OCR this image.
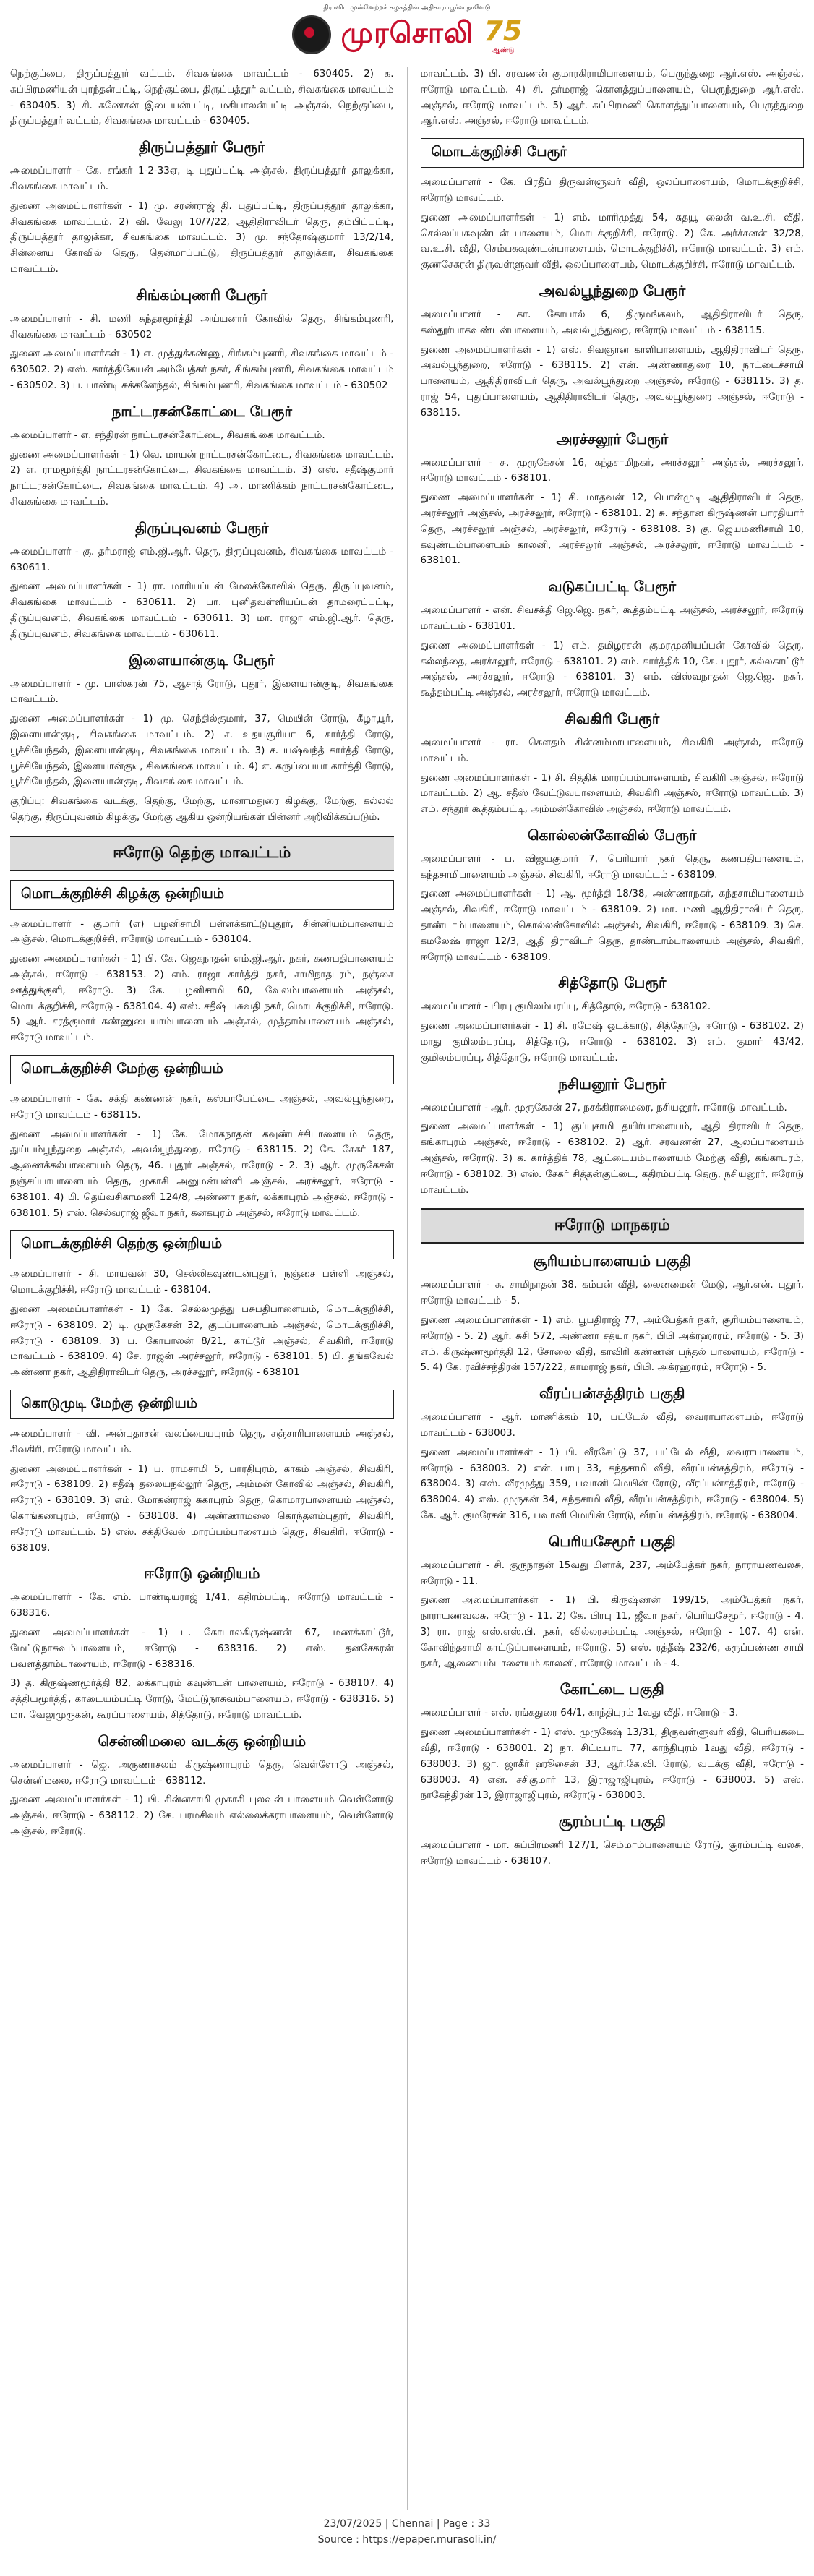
திராவிட முன்னேற்றக் கழகத்தின் அதிகாரப்பூர்வ நாளேடு
முரசொலி 75
ஆண்டு
நெற்குப்பை, திருப்பத்தூர் வட்டம், சிவகங்கை மாவட்டம் - 630405. 2) க. சுப்பிரமணியன் புரந்தன்பட்டி, நெற்குப்பை, திருப்பத்தூர் வட்டம், சிவகங்கை மாவட்டம் - 630405. 3) சி. கணேசன் இடையன்பட்டி, மகிபாலன்பட்டி அஞ்சல், நெற்குப்பை, திருப்பத்தூர் வட்டம், சிவகங்கை மாவட்டம் - 630405.
திருப்பத்தூர் பேரூர்
அமைப்பாளர் - கே. சங்கர் 1-2-33ஏ, டி புதுப்பட்டி அஞ்சல், திருப்பத்தூர் தாலுக்கா, சிவகங்கை மாவட்டம்.
துணை அமைப்பாளர்கள் - 1) மு. சரண்ராஜ் தி. புதுப்பட்டி, திருப்பத்தூர் தாலுக்கா, சிவகங்கை மாவட்டம். 2) வி. வேலு 10/7/22, ஆதிதிராவிடர் தெரு, தம்பிப்பட்டி, திருப்பத்தூர் தாலுக்கா, சிவகங்கை மாவட்டம். 3) மு. சந்தோஷ்குமார் 13/2/14, சின்னைய கோவில் தெரு, தென்மாப்பட்டு, திருப்பத்தூர் தாலுக்கா, சிவகங்கை மாவட்டம்.
சிங்கம்புணரி பேரூர்
அமைப்பாளர் - சி. மணி சுந்தரமூர்த்தி அய்யனார் கோவில் தெரு, சிங்கம்புணரி, சிவகங்கை மாவட்டம் - 630502
துணை அமைப்பாளர்கள் - 1) எ. முத்துக்கண்ணு, சிங்கம்புணரி, சிவகங்கை மாவட்டம் - 630502. 2) எஸ். கார்த்திகேயன் அம்பேத்கர் நகர், சிங்கம்புணரி, சிவகங்கை மாவட்டம் - 630502. 3) ப. பாண்டி சுக்கனேந்தல், சிங்கம்புணரி, சிவகங்கை மாவட்டம் - 630502
நாட்டரசன்கோட்டை பேரூர்
அமைப்பாளர் - எ. சந்திரன் நாட்டரசன்கோட்டை, சிவகங்கை மாவட்டம்.
துணை அமைப்பாளர்கள் - 1) வெ. மாயன் நாட்டரசன்கோட்டை, சிவகங்கை மாவட்டம். 2) எ. ராமமூர்த்தி நாட்டரசன்கோட்டை, சிவகங்கை மாவட்டம். 3) எஸ். சதீஷ்குமார் நாட்டரசன்கோட்டை, சிவகங்கை மாவட்டம். 4) அ. மாணிக்கம் நாட்டரசன்கோட்டை, சிவகங்கை மாவட்டம்.
திருப்புவனம் பேரூர்
அமைப்பாளர் - கு. தர்மராஜ் எம்.ஜி.ஆர். தெரு, திருப்புவனம், சிவகங்கை மாவட்டம் - 630611.
துணை அமைப்பாளர்கள் - 1) ரா. மாரியப்பன் மேலக்கோவில் தெரு, திருப்புவனம், சிவகங்கை மாவட்டம் - 630611. 2) பா. புனிதவள்ளியப்பன் தாமரைப்பட்டி, திருப்புவனம், சிவகங்கை மாவட்டம் - 630611. 3) மா. ராஜா எம்.ஜி.ஆர். தெரு, திருப்புவனம், சிவகங்கை மாவட்டம் - 630611.
இளையான்குடி பேரூர்
அமைப்பாளர் - மு. பாஸ்கரன் 75, ஆசாத் ரோடு, புதூர், இளையான்குடி, சிவகங்கை மாவட்டம்.
துணை அமைப்பாளர்கள் - 1) மு. செந்தில்குமார், 37, மெயின் ரோடு, கீழாயூர், இளையான்குடி, சிவகங்கை மாவட்டம். 2) ச. உதயசூரியா 6, கார்த்தி ரோடு, பூச்சியேந்தல், இளையான்குடி, சிவகங்கை மாவட்டம். 3) ச. யஷ்வந்த் கார்த்தி ரோடு, பூச்சியேந்தல், இளையான்குடி, சிவகங்கை மாவட்டம். 4) எ. கருப்பையா கார்த்தி ரோடு, பூச்சியேந்தல், இளையான்குடி, சிவகங்கை மாவட்டம்.
குறிப்பு: சிவகங்கை வடக்கு, தெற்கு, மேற்கு, மானாமதுரை கிழக்கு, மேற்கு, கல்லல் தெற்கு, திருப்புவனம் கிழக்கு, மேற்கு ஆகிய ஒன்றியங்கள் பின்னர் அறிவிக்கப்படும்.
ஈரோடு தெற்கு மாவட்டம்
மொடக்குறிச்சி கிழக்கு ஒன்றியம்
அமைப்பாளர் - குமார் (எ) பழனிசாமி பள்ளக்காட்டுபுதூர், சின்னியம்பாளையம் அஞ்சல், மொடக்குறிச்சி, ஈரோடு மாவட்டம் - 638104.
துணை அமைப்பாளர்கள் - 1) பி. கே. ஜெகநாதன் எம்.ஜி.ஆர். நகர், கணபதிபாளையம் அஞ்சல், ஈரோடு - 638153. 2) எம். ராஜா கார்த்தி நகர், சாமிநாதபுரம், நஞ்சை ஊத்துக்குளி, ஈரோடு. 3) கே. பழனிசாமி 60, வேலம்பாளையம் அஞ்சல், மொடக்குறிச்சி, ஈரோடு - 638104. 4) எஸ். சதீஷ் பசுவதி நகர், மொடக்குறிச்சி, ஈரோடு. 5) ஆர். சரத்குமார் கண்ணுடையாம்பாளையம் அஞ்சல், முத்தாம்பாளையம் அஞ்சல், ஈரோடு மாவட்டம்.
மொடக்குறிச்சி மேற்கு ஒன்றியம்
அமைப்பாளர் - கே. சக்தி கண்ணன் நகர், கஸ்பாபேட்டை அஞ்சல், அவல்பூந்துறை, ஈரோடு மாவட்டம் - 638115.
துணை அமைப்பாளர்கள் - 1) கே. மோகநாதன் கவுண்டச்சிபாளையம் தெரு, துய்யம்பூந்துறை அஞ்சல், அவல்பூந்துறை, ஈரோடு - 638115. 2) கே. சேகர் 187, ஆணைக்கல்பாளையம் தெரு, 46. புதூர் அஞ்சல், ஈரோடு - 2. 3) ஆர். முருகேசன் நஞ்சப்பாபாளையம் தெரு, முகாசி அனுமன்பள்ளி அஞ்சல், அரச்சலூர், ஈரோடு - 638101. 4) பி. தெய்வசிகாமணி 124/8, அண்ணா நகர், லக்காபுரம் அஞ்சல், ஈரோடு - 638101. 5) எஸ். செல்வராஜ் ஜீவா நகர், கனகபுரம் அஞ்சல், ஈரோடு மாவட்டம்.
மொடக்குறிச்சி தெற்கு ஒன்றியம்
அமைப்பாளர் - சி. மாயவன் 30, செல்லிகவுண்டன்புதூர், நஞ்சை பள்ளி அஞ்சல், மொடக்குறிச்சி, ஈரோடு மாவட்டம் - 638104.
துணை அமைப்பாளர்கள் - 1) கே. செல்லமுத்து பசுபதிபாளையம், மொடக்குறிச்சி, ஈரோடு - 638109. 2) டி. முருகேசன் 32, குடப்பாளையம் அஞ்சல், மொடக்குறிச்சி, ஈரோடு - 638109. 3) ப. கோபாலன் 8/21, காட்டூர் அஞ்சல், சிவகிரி, ஈரோடு மாவட்டம் - 638109. 4) சே. ராஜன் அரச்சலூர், ஈரோடு - 638101. 5) பி. தங்கவேல் அண்ணா நகர், ஆதிதிராவிடர் தெரு, அரச்சலூர், ஈரோடு - 638101
கொடுமுடி மேற்கு ஒன்றியம்
அமைப்பாளர் - வி. அன்புதாசன் வலப்பையபுரம் தெரு, சஞ்சாரிபாளையம் அஞ்சல், சிவகிரி, ஈரோடு மாவட்டம்.
துணை அமைப்பாளர்கள் - 1) ப. ராமசாமி 5, பாரதிபுரம், காகம் அஞ்சல், சிவகிரி, ஈரோடு - 638109. 2) சதீஷ் தலையநல்லூர் தெரு, அம்மன் கோவில் அஞ்சல், சிவகிரி, ஈரோடு - 638109. 3) எம். மோகன்ராஜ் சுகாபுரம் தெரு, கொமாரபாளையம் அஞ்சல், கொங்கணபுரம், ஈரோடு - 638108. 4) அண்ணாமலை கொந்தளம்புதூர், சிவகிரி, ஈரோடு மாவட்டம். 5) எஸ். சக்திவேல் மாரப்பம்பாளையம் தெரு, சிவகிரி, ஈரோடு - 638109.
ஈரோடு ஒன்றியம்
அமைப்பாளர் - கே. எம். பாண்டியராஜ் 1/41, கதிரம்பட்டி, ஈரோடு மாவட்டம் - 638316.
துணை அமைப்பாளர்கள் - 1) ப. கோபாலகிருஷ்ணன் 67, மணக்காட்டூர், மேட்டுநாசுவம்பாளையம், ஈரோடு - 638316. 2) எஸ். தனசேகரன் பவளத்தாம்பாளையம், ஈரோடு - 638316.
3) த. கிருஷ்ணமூர்த்தி 82, லக்காபுரம் கவுண்டன் பாளையம், ஈரோடு - 638107. 4) சத்தியமூர்த்தி, காடையம்பட்டி ரோடு, மேட்டுநாசுவம்பாளையம், ஈரோடு - 638316. 5) மா. வேலுமுருகன், கூரப்பாளையம், சித்தோடு, ஈரோடு மாவட்டம்.
சென்னிமலை வடக்கு ஒன்றியம்
அமைப்பாளர் - ஜெ. அருணாசலம் கிருஷ்ணாபுரம் தெரு, வெள்ளோடு அஞ்சல், சென்னிமலை, ஈரோடு மாவட்டம் - 638112.
துணை அமைப்பாளர்கள் - 1) பி. சின்னசாமி முகாசி புலவன் பாளையம் வெள்ளோடு அஞ்சல், ஈரோடு - 638112. 2) கே. பரமசிவம் எல்லைக்கராபாளையம், வெள்ளோடு அஞ்சல், ஈரோடு.
மாவட்டம். 3) பி. சரவணன் குமாரகிராமிபாளையம், பெருந்துறை ஆர்.எஸ். அஞ்சல், ஈரோடு மாவட்டம். 4) சி. தர்மராஜ் கொளத்துப்பாளையம், பெருந்துறை ஆர்.எஸ். அஞ்சல், ஈரோடு மாவட்டம். 5) ஆர். சுப்பிரமணி கொளத்துப்பாளையம், பெருந்துறை ஆர்.எஸ். அஞ்சல், ஈரோடு மாவட்டம்.
மொடக்குறிச்சி பேரூர்
அமைப்பாளர் - கே. பிரதீப் திருவள்ளுவர் வீதி, ஒலப்பாளையம், மொடக்குறிச்சி, ஈரோடு மாவட்டம்.
துணை அமைப்பாளர்கள் - 1) எம். மாரிமுத்து 54, சுதயூ லைன் வ.உ.சி. வீதி, செல்லப்பகவுண்டன் பாளையம், மொடக்குறிச்சி, ஈரோடு. 2) கே. அர்ச்சனன் 32/28, வ.உ.சி. வீதி, செம்பகவுண்டன்பாளையம், மொடக்குறிச்சி, ஈரோடு மாவட்டம். 3) எம். குணசேகரன் திருவள்ளுவர் வீதி, ஒலப்பாளையம், மொடக்குறிச்சி, ஈரோடு மாவட்டம்.
அவல்பூந்துறை பேரூர்
அமைப்பாளர் - கா. கோபால் 6, திருமங்கலம், ஆதிதிராவிடர் தெரு, கஸ்தூர்பாகவுண்டன்பாளையம், அவல்பூந்துறை, ஈரோடு மாவட்டம் - 638115.
துணை அமைப்பாளர்கள் - 1) எஸ். சிவஞான காளிபாளையம், ஆதிதிராவிடர் தெரு, அவல்பூந்துறை, ஈரோடு - 638115. 2) என். அண்ணாதுரை 10, நாட்டைச்சாமி பாளையம், ஆதிதிராவிடர் தெரு, அவல்பூந்துறை அஞ்சல், ஈரோடு - 638115. 3) த. ராஜ் 54, புதுப்பாளையம், ஆதிதிராவிடர் தெரு, அவல்பூந்துறை அஞ்சல், ஈரோடு - 638115.
அரச்சலூர் பேரூர்
அமைப்பாளர் - சு. முருகேசன் 16, கந்தசாமிநகர், அரச்சலூர் அஞ்சல், அரச்சலூர், ஈரோடு மாவட்டம் - 638101.
துணை அமைப்பாளர்கள் - 1) சி. மாதவன் 12, பொன்முடி ஆதிதிராவிடர் தெரு, அரச்சலூர் அஞ்சல், அரச்சலூர், ஈரோடு - 638101. 2) சு. சந்தான கிருஷ்ணன் பாரதியார் தெரு, அரச்சலூர் அஞ்சல், அரச்சலூர், ஈரோடு - 638108. 3) கு. ஜெயமணிசாமி 10, கவுண்டம்பாளையம் காலனி, அரச்சலூர் அஞ்சல், அரச்சலூர், ஈரோடு மாவட்டம் - 638101.
வடுகப்பட்டி பேரூர்
அமைப்பாளர் - என். சிவசக்தி ஜெ.ஜெ. நகர், கூத்தம்பட்டி அஞ்சல், அரச்சலூர், ஈரோடு மாவட்டம் - 638101.
துணை அமைப்பாளர்கள் - 1) எம். தமிழரசன் குமரமுனியப்பன் கோவில் தெரு, கல்லந்தை, அரச்சலூர், ஈரோடு - 638101. 2) எம். கார்த்திக் 10, கே. புதூர், கல்லகாட்டூர் அஞ்சல், அரச்சலூர், ஈரோடு - 638101. 3) எம். விஸ்வநாதன் ஜெ.ஜெ. நகர், கூத்தம்பட்டி அஞ்சல், அரச்சலூர், ஈரோடு மாவட்டம்.
சிவகிரி பேரூர்
அமைப்பாளர் - ரா. கௌதம் சின்னம்மாபாளையம், சிவகிரி அஞ்சல், ஈரோடு மாவட்டம்.
துணை அமைப்பாளர்கள் - 1) சி. சித்திக் மாரப்பம்பாளையம், சிவகிரி அஞ்சல், ஈரோடு மாவட்டம். 2) ஆ. சதீஸ் வேட்டுவபாளையம், சிவகிரி அஞ்சல், ஈரோடு மாவட்டம். 3) எம். சந்தூர் கூத்தம்பட்டி, அம்மன்கோவில் அஞ்சல், ஈரோடு மாவட்டம்.
கொல்லன்கோவில் பேரூர்
அமைப்பாளர் - ப. விஜயகுமார் 7, பெரியார் நகர் தெரு, கணபதிபாளையம், கந்தசாமிபாளையம் அஞ்சல், சிவகிரி, ஈரோடு மாவட்டம் - 638109.
துணை அமைப்பாளர்கள் - 1) ஆ. மூர்த்தி 18/38, அண்ணாநகர், கந்தசாமிபாளையம் அஞ்சல், சிவகிரி, ஈரோடு மாவட்டம் - 638109. 2) மா. மணி ஆதிதிராவிடர் தெரு, தாண்டாம்பாளையம், கொல்லன்கோவில் அஞ்சல், சிவகிரி, ஈரோடு - 638109. 3) செ. கமலேஷ் ராஜா 12/3, ஆதி திராவிடர் தெரு, தாண்டாம்பாளையம் அஞ்சல், சிவகிரி, ஈரோடு மாவட்டம் - 638109.
சித்தோடு பேரூர்
அமைப்பாளர் - பிரபு குமிலம்பரப்பு, சித்தோடு, ஈரோடு - 638102.
துணை அமைப்பாளர்கள் - 1) சி. ரமேஷ் ஓடக்காடு, சித்தோடு, ஈரோடு - 638102. 2) மாது குமிலம்பரப்பு, சித்தோடு, ஈரோடு - 638102. 3) எம். குமார் 43/42, குமிலம்பரப்பு, சித்தோடு, ஈரோடு மாவட்டம்.
நசியனூர் பேரூர்
அமைப்பாளர் - ஆர். முருகேசன் 27, நசக்கிராமைரை, நசியனூர், ஈரோடு மாவட்டம்.
துணை அமைப்பாளர்கள் - 1) குப்புசாமி தயிர்பாளையம், ஆதி திராவிடர் தெரு, கங்காபுரம் அஞ்சல், ஈரோடு - 638102. 2) ஆர். சரவணன் 27, ஆலப்பாளையம் அஞ்சல், ஈரோடு. 3) க. கார்த்திக் 78, ஆட்டையம்பாளையம் மேற்கு வீதி, கங்காபுரம், ஈரோடு - 638102. 3) எஸ். சேகர் சித்தன்குட்டை, கதிரம்பட்டி தெரு, நசியனூர், ஈரோடு மாவட்டம்.
ஈரோடு மாநகரம்
சூரியம்பாளையம் பகுதி
அமைப்பாளர் - சு. சாமிநாதன் 38, கம்பன் வீதி, லைனமைன் மேடு, ஆர்.என். புதூர், ஈரோடு மாவட்டம் - 5.
துணை அமைப்பாளர்கள் - 1) எம். பூபதிராஜ் 77, அம்பேத்கர் நகர், சூரியம்பாளையம், ஈரோடு - 5. 2) ஆர். சுசி 572, அண்ணா சத்யா நகர், பிபி அக்ரஹாரம், ஈரோடு - 5. 3) எம். கிருஷ்ணமூர்த்தி 12, சோலை வீதி, காவிரி கண்ணன் பந்தல் பாளையம், ஈரோடு - 5. 4) கே. ரவிச்சந்திரன் 157/222, காமராஜ் நகர், பிபி. அக்ரஹாரம், ஈரோடு - 5.
வீரப்பன்சத்திரம் பகுதி
அமைப்பாளர் - ஆர். மாணிக்கம் 10, பட்டேல் வீதி, வைராபாளையம், ஈரோடு மாவட்டம் - 638003.
துணை அமைப்பாளர்கள் - 1) பி. வீரசேட்டு 37, பட்டேல் வீதி, வைராபாளையம், ஈரோடு - 638003. 2) என். பாபு 33, கந்தசாமி வீதி, வீரப்பன்சத்திரம், ஈரோடு - 638004. 3) எஸ். வீரமுத்து 359, பவானி மெயின் ரோடு, வீரப்பன்சத்திரம், ஈரோடு - 638004. 4) எஸ். முருகன் 34, கந்தசாமி வீதி, வீரப்பன்சத்திரம், ஈரோடு - 638004. 5) கே. ஆர். குமரேசன் 316, பவானி மெயின் ரோடு, வீரப்பன்சத்திரம், ஈரோடு - 638004.
பெரியசேமூர் பகுதி
அமைப்பாளர் - சி. குருநாதன் 15வது பிளாக், 237, அம்பேத்கர் நகர், நாராயணவலசு, ஈரோடு - 11.
துணை அமைப்பாளர்கள் - 1) பி. கிருஷ்ணன் 199/15, அம்பேத்கர் நகர், நாராயணவலசு, ஈரோடு - 11. 2) கே. பிரபு 11, ஜீவா நகர், பெரியசேமூர், ஈரோடு - 4. 3) ரா. ராஜ் எஸ்.எஸ்.பி. நகர், வில்லரசம்பட்டி அஞ்சல், ஈரோடு - 107. 4) என். கோவிந்தசாமி காட்டுப்பாளையம், ஈரோடு. 5) எஸ். ரத்தீஷ் 232/6, கருப்பண்ண சாமி நகர், ஆணையம்பாளையம் காலனி, ஈரோடு மாவட்டம் - 4.
கோட்டை பகுதி
அமைப்பாளர் - எஸ். ரங்கதுரை 64/1, காந்திபுரம் 1வது வீதி, ஈரோடு - 3.
துணை அமைப்பாளர்கள் - 1) எஸ். முருகேஷ் 13/31, திருவள்ளுவர் வீதி, பெரியகடை வீதி, ஈரோடு - 638001. 2) நா. சிட்டிபாபு 77, காந்திபுரம் 1வது வீதி, ஈரோடு - 638003. 3) ஜா. ஜாகீர் ஹூசைன் 33, ஆர்.கே.வி. ரோடு, வடக்கு வீதி, ஈரோடு - 638003. 4) என். சசிகுமார் 13, இராஜாஜிபுரம், ஈரோடு - 638003. 5) எஸ். நாகேந்திரன் 13, இராஜாஜிபுரம், ஈரோடு - 638003.
சூரம்பட்டி பகுதி
அமைப்பாளர் - மா. சுப்பிரமணி 127/1, செம்மாம்பாளையம் ரோடு, சூரம்பட்டி வலசு, ஈரோடு மாவட்டம் - 638107.
23/07/2025 | Chennai | Page : 33
Source : https://epaper.murasoli.in/
